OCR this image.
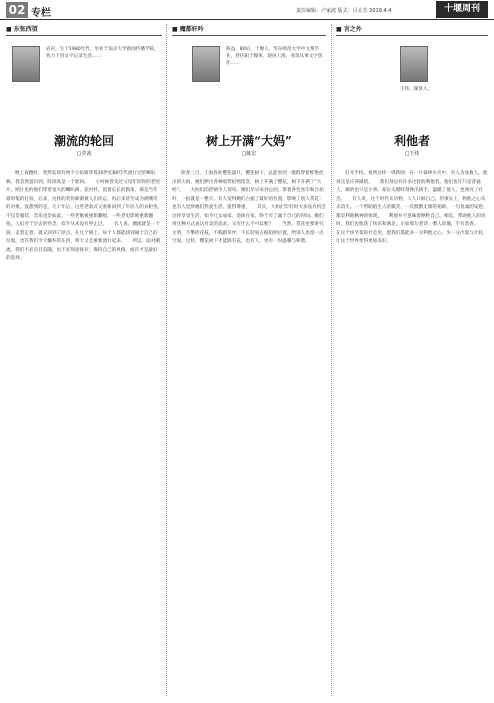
02 专栏	责任编辑：卢家波 版式：吕太芳 2019.4.4	十堰周刊
■ 东张西望
岩岩，生于1980年代，毕业于南京大学新闻传播学院，致力于用文字记录生活……
潮流的轮回
□莹茜

晚上夜跑时，突然发现有两个小姑娘穿着20世纪80年代流行过的喇叭裤。我忽然意识到，时尚真是一个轮回。　　小时候曾见过父母年轻时的老照片，照片里的他们穿着宽大的喇叭裤、花衬衫，留着长长的鬓角，那是当年最时髦的打扮。后来，这样的装扮渐渐被人们淡忘，再后来甚至成为被嘲笑的对象。没想到的是，几十年后，这些老款式又重新回到了年轻人的衣柜里。　　不仅是服装，音乐也是如此。一些老歌被重新翻唱，一些老电影被重新翻拍。人们对于过去的怀念，似乎从来没有停止过。　　有人说，潮流就是一个圆，走着走着，就又回到了原点。在这个圆上，每个人都能找到属于自己的位置。也许我们今天嫌弃的东西，明天又会重新流行起来。　　所以，面对潮流，我们不必盲目追随，也不必刻意排斥。保持自己的风格，或许才是最好的选择。

■ 魔都轩吟
陈益，80后，十堰人，华东师范大学中文系毕业，曾任职于媒体，现居上海，业余从事文字创作……
树上开满“大妈”
□陈宏

阳春三月，上海各处樱花盛开。樱花树下，总能看到一群群穿着鲜艳丝巾的大妈，她们摆出各种姿势拍照留念，树上开满了樱花，树下开满了“大妈”。　　大妈们的热情令人惊叹。她们早早来到公园，带着各色丝巾和自拍杆，一拍就是一整天。有人觉得她们占据了最好的位置，影响了别人赏花；也有人觉得她们热爱生活，值得尊重。　　其实，大妈们年轻时大多没有机会这样享受生活，如今儿女成家，退休在家，终于有了属于自己的时间。她们用这种方式表达对美的追求，又有什么不可以呢？　　当然，赏花也要讲究文明，不攀折花枝，不践踏草坪，不长时间占据拍照位置，给别人也留一点空间。这样，樱花树下才能既有花，也有人，更有一份温馨与和谐。

■ 言之外
王炜，媒体人。
利他者
□王炜

打开手机，看到这样一则新闻：在一片森林火灾中，有人舍身救人，他说这是应该做的。　　我们身边有许多这样的利他者。他们也许只是普通人，做的也只是小事，却在关键时刻伸出援手，温暖了他人，也照亮了社会。　　有人说，这个时代太功利，人人只顾自己。但事实上，利他之心从未消失。一个帮助陌生人的微笑，一次默默无闻的捐助，一句真诚的安慰，都是利他精神的体现。　　利他并不意味着牺牲自己。相反，帮助他人的同时，我们也收获了快乐和满足。正如那句老话：赠人玫瑰，手有余香。　　在这个快节奏的社会里，愿我们都能多一分利他之心，少一分冷漠与计较，让这个世界变得更加美好。
